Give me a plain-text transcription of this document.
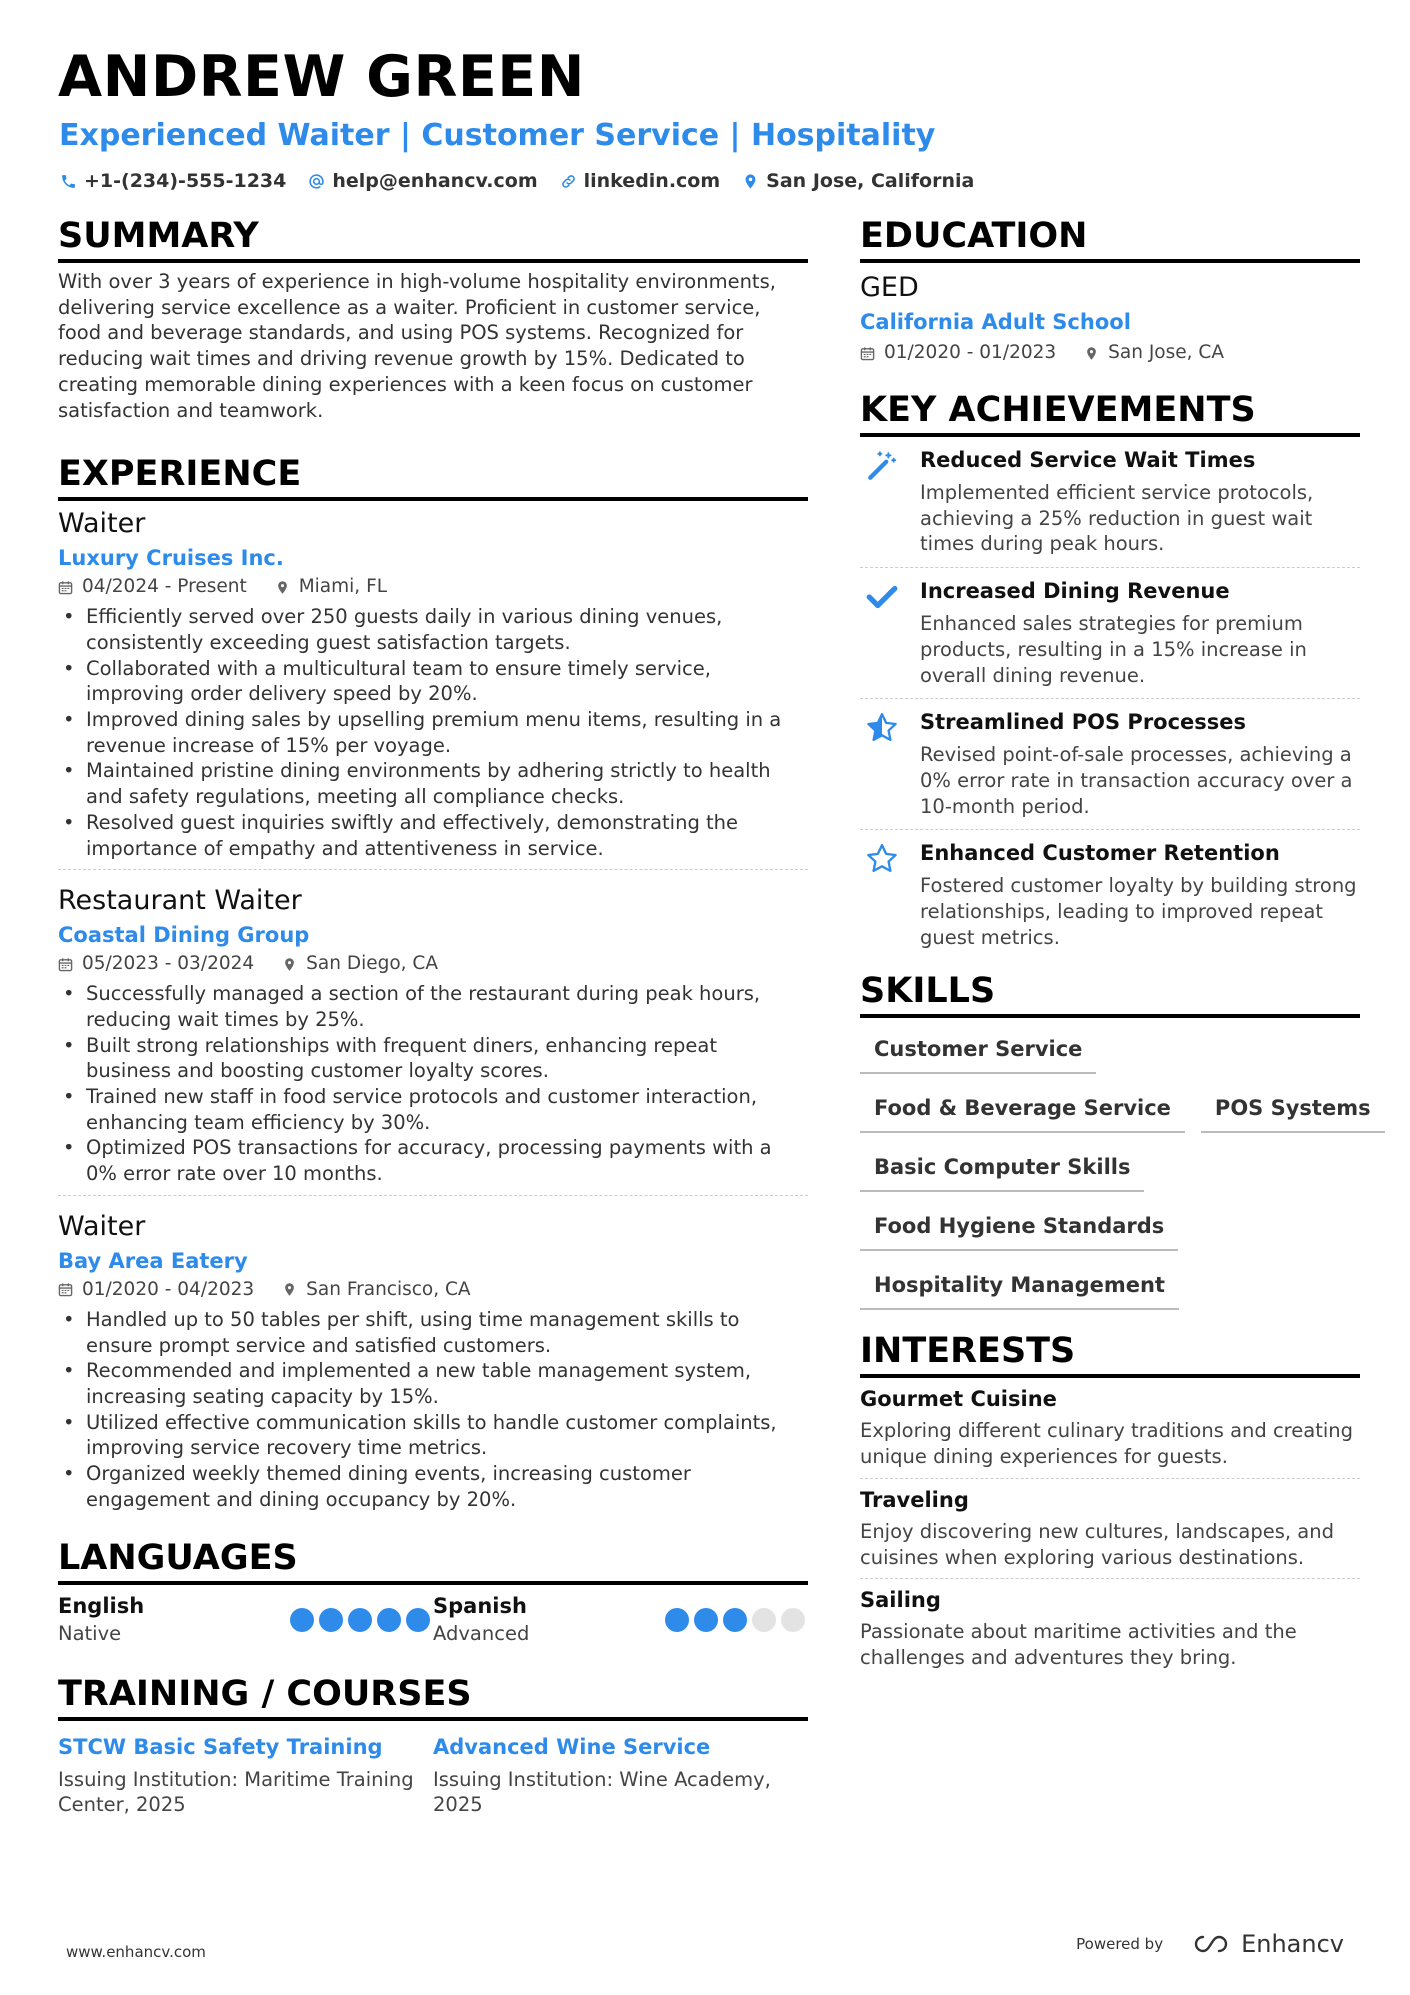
ANDREW GREEN
Experienced Waiter | Customer Service | Hospitality
+1-(234)-555-1234 help@enhancv.com linkedin.com San Jose, California
SUMMARY

With over 3 years of experience in high-volume hospitality environments, delivering service excellence as a waiter. Proficient in customer service, food and beverage standards, and using POS systems. Recognized for reducing wait times and driving revenue growth by 15%. Dedicated to creating memorable dining experiences with a keen focus on customer satisfaction and teamwork.

EXPERIENCE
Waiter
Luxury Cruises Inc.
04/2024 - Present	Miami, FL
• Efficiently served over 250 guests daily in various dining venues, consistently exceeding guest satisfaction targets.
• Collaborated with a multicultural team to ensure timely service, improving order delivery speed by 20%.
• Improved dining sales by upselling premium menu items, resulting in a revenue increase of 15% per voyage.
• Maintained pristine dining environments by adhering strictly to health and safety regulations, meeting all compliance checks.
• Resolved guest inquiries swiftly and effectively, demonstrating the importance of empathy and attentiveness in service.
Restaurant Waiter
Coastal Dining Group
05/2023 - 03/2024	San Diego, CA
• Successfully managed a section of the restaurant during peak hours, reducing wait times by 25%.
• Built strong relationships with frequent diners, enhancing repeat business and boosting customer loyalty scores.
• Trained new staff in food service protocols and customer interaction, enhancing team efficiency by 30%.
• Optimized POS transactions for accuracy, processing payments with a 0% error rate over 10 months.
Waiter
Bay Area Eatery
01/2020 - 04/2023	San Francisco, CA
• Handled up to 50 tables per shift, using time management skills to ensure prompt service and satisfied customers.
• Recommended and implemented a new table management system, increasing seating capacity by 15%.
• Utilized effective communication skills to handle customer complaints, improving service recovery time metrics.
• Organized weekly themed dining events, increasing customer engagement and dining occupancy by 20%.
LANGUAGES
English
Native
Spanish
Advanced
TRAINING / COURSES
STCW Basic Safety Training
Issuing Institution: Maritime Training Center, 2025
Advanced Wine Service
Issuing Institution: Wine Academy, 2025
EDUCATION
GED
California Adult School
01/2020 - 01/2023	San Jose, CA
KEY ACHIEVEMENTS
Reduced Service Wait Times
Implemented efficient service protocols, achieving a 25% reduction in guest wait times during peak hours.
Increased Dining Revenue
Enhanced sales strategies for premium products, resulting in a 15% increase in overall dining revenue.
Streamlined POS Processes
Revised point-of-sale processes, achieving a 0% error rate in transaction accuracy over a 10-month period.
Enhanced Customer Retention
Fostered customer loyalty by building strong relationships, leading to improved repeat guest metrics.
SKILLS
Customer Service
Food & Beverage Service	POS Systems
Basic Computer Skills
Food Hygiene Standards
Hospitality Management
INTERESTS
Gourmet Cuisine
Exploring different culinary traditions and creating unique dining experiences for guests.
Traveling
Enjoy discovering new cultures, landscapes, and cuisines when exploring various destinations.
Sailing
Passionate about maritime activities and the challenges and adventures they bring.
www.enhancv.com	Powered by	Enhancv
